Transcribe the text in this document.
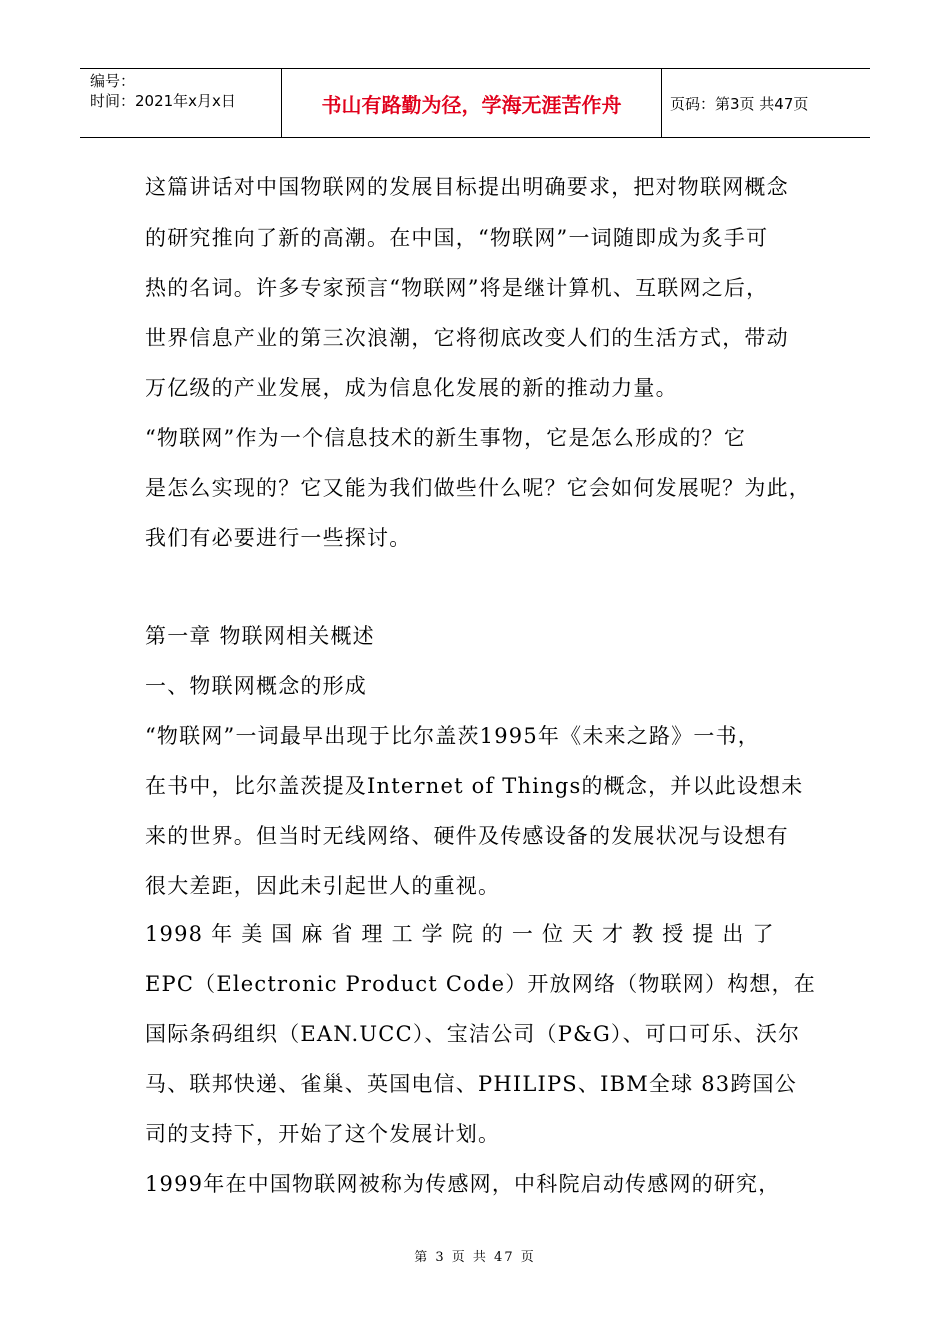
编号：
时间：2021年x月x日	书山有路勤为径，学海无涯苦作舟	页码：第3页 共47页
这篇讲话对中国物联网的发展目标提出明确要求，把对物联网概念
的研究推向了新的高潮。在中国，“物联网”一词随即成为炙手可
热的名词。许多专家预言“物联网”将是继计算机、互联网之后，
世界信息产业的第三次浪潮，它将彻底改变人们的生活方式，带动
万亿级的产业发展，成为信息化发展的新的推动力量。
“物联网”作为一个信息技术的新生事物，它是怎么形成的？它
是怎么实现的？它又能为我们做些什么呢？它会如何发展呢？为此，
我们有必要进行一些探讨。
第一章 物联网相关概述
一、物联网概念的形成
“物联网”一词最早出现于比尔盖茨1995年《未来之路》一书，
在书中，比尔盖茨提及Internet of Things的概念，并以此设想未
来的世界。但当时无线网络、硬件及传感设备的发展状况与设想有
很大差距，因此未引起世人的重视。
1998 年 美 国 麻 省 理 工 学 院 的 一 位 天 才 教 授 提 出 了
EPC（Electronic Product Code）开放网络（物联网）构想，在
国际条码组织（EAN.UCC）、宝洁公司（P&G）、可口可乐、沃尔
马、联邦快递、雀巢、英国电信、PHILIPS、IBM全球 83跨国公
司的支持下，开始了这个发展计划。
1999年在中国物联网被称为传感网，中科院启动传感网的研究，
第 3 页 共 47 页
